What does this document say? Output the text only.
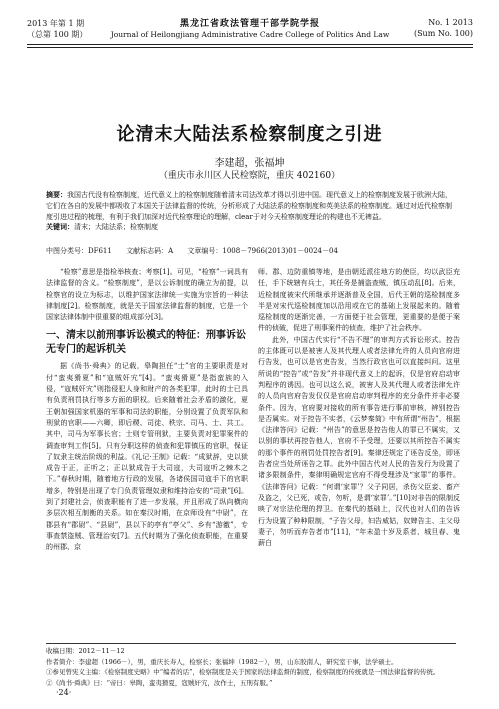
2013 年第 1 期
（总第 100 期）
黑龙江省政法管理干部学院学报
Journal of Heilongjiang Administrative Cadre College of Politics And Law
No. 1 2013
(Sum No. 100)
论清末大陆法系检察制度之引进
李建超，张福坤
（重庆市永川区人民检察院，重庆 402160）
摘要：我国古代没有检察制度，近代意义上的检察制度随着清末司法改革才得以引进中国。现代意义上的检察制度发展于欧洲大陆，它们在各自的发展中都吸收了本国关于法律监督的传统，分析形成了大陆法系的检察制度和英美法系的检察制度。通过对近代检察制度引进过程的梳理，有利于我们加深对近代检察理论的理解，clear于对今天检察制度理论的构建也不无裨益。
关键词：清末；大陆法系；检察制度
中图分类号：DF611 文献标志码：A 文章编号：1008－7966(2013)01－0024－04

“检察”意思是指检举核查；考察[1]。可见，“检察”一词具有法律监督的含义。“检察制度”，是以公诉制度的确立为前提，以检察官的设立为标志，以维护国家法律统一实施为宗旨的一种法律制度[2]。检察制度，就是关于国家法律监督的制度，它是一个国家法律体制中很重要的组成部分[3]。

一、清末以前刑事诉讼模式的特征：刑事诉讼无专门的起诉机关

据《尚书·舜典》的记载，皋陶担任“士”官的主要职责是对付“蛮夷猾夏”和“寇贼奸宄”[4]。“蛮夷猾夏”是指蛮族的入侵，“寇贼奸宄”则指侵犯人身和财产的各类犯罪，此时的士已具有负责刑罚执行等多方面的职权。后来随着社会矛盾的激化，夏王朝加强国家机器的军事和司法的职能，分别设置了负责军队和刑狱的官职——六卿，即后稷、司徒、秩宗、司马、士、共工。其中，司马为军事长官；士则专管刑狱，主要负责对犯罪案件的调查审判工作[5]。只有分职这样的侦查和犯罪镇压的官职，保证了奴隶主统治阶级的利益。《礼记·王制》记载：“成狱辞，史以狱成告于正，正听之；正以狱成告于大司寇，大司寇听之棘木之下。”春秋时期，随着地方行政的发展，各诸侯国司寇手下的官职增多，特别是出现了专门负责管理奴隶和维持治安的“司隶”[6]。到了封建社会，侦查职能有了进一步发展，并且形成了纵向横向多层次相互制衡的关系。如在秦汉时期，在京师设有“中尉”，在郡县有“郡尉”、“县尉”，县以下的亭有“亭父”、乡有“游徼”，专事查禁盗贼、管理治安[7]。五代时期为了强化侦查职能，在重要的州郡、京

师、郡、边防重镇等地，是由朝廷派往地方的使臣，均以武臣充任，手下统辖有兵士，其任务是捕盗查贼，镇压动乱[8]。后来，近检制度被宋代所继承并逐渐普及全国，后代王朝的巡检制度多半是对宋代巡检制度加以沿用或在它的基础上发展起来的。随着巡检制度的逐渐完善，一方面便于社会管理，更重要的是便于案件的侦破，促进了刑事案件的侦查，维护了社会秩序。

此外，中国古代实行“不告不理”的审判方式诉讼形式。控告的主体既可以是被害人及其代理人或者法律允许的人员向官府进行告发，也可以是官吏告发，当然行政官也可以直接纠问。这里所说的“控告”或“告发”并非现代意义上的起诉，仅是官府启动审判程序的诱因。也可以这么说，被害人及其代理人或者法律允许的人员向官府告发仅仅是官府启动审判程序的充分条件并非必要条件。因为，官府要对接收的所有事告进行事前审核，辨别控告是否属实。对于控告不实者，《云梦秦简》中有所谓“州告”，根据《法律答问》记载：“州告”的意思是控告他人的罪已不属实，又以别的事状再控告他人，官府不予受理，还要以其所控告不属实的那个事件的刑罚处罚控告者[9]。秦律还规定了诬告反坐，即诬告者应当处所诬告之罪。此外中国古代对人民的告发行为设置了诸多限制条件，秦律明确规定官府不得受理涉及“家罪”的事件。《法律答问》记载：“何谓‘家罪’？父子同居，杀伤父臣妾、畜产及盗之，父已死，或告，勿听，是谓‘家罪’。”[10]对非告的限制反映了对宗法伦理的捍卫。在秦代的基础上，汉代也对人们的告诉行为设置了种种限制，“子告父母，妇告威姑，奴婢告主、主父母妻子，勿听而弃告者市”[11]，“年未盈十岁及系者、城旦春、鬼薪白

收稿日期：2012－11－12
作者简介：李建超（1966－），男，重庆长寿人，检察长；张福坤（1982－），男，山东胶南人，研究室干事，法学硕士。
①参见曾宪义主编：《检察制度史略》中“编者的话”，检察制度是关于国家的法律监督的制度，检察制度的传统就是一国法律监督的传统。
②《尚书·舜典》曰：“帝曰：皋陶，蛮夷猾夏，寇贼奸宄，汝作士，五刑有服。”
·24·
